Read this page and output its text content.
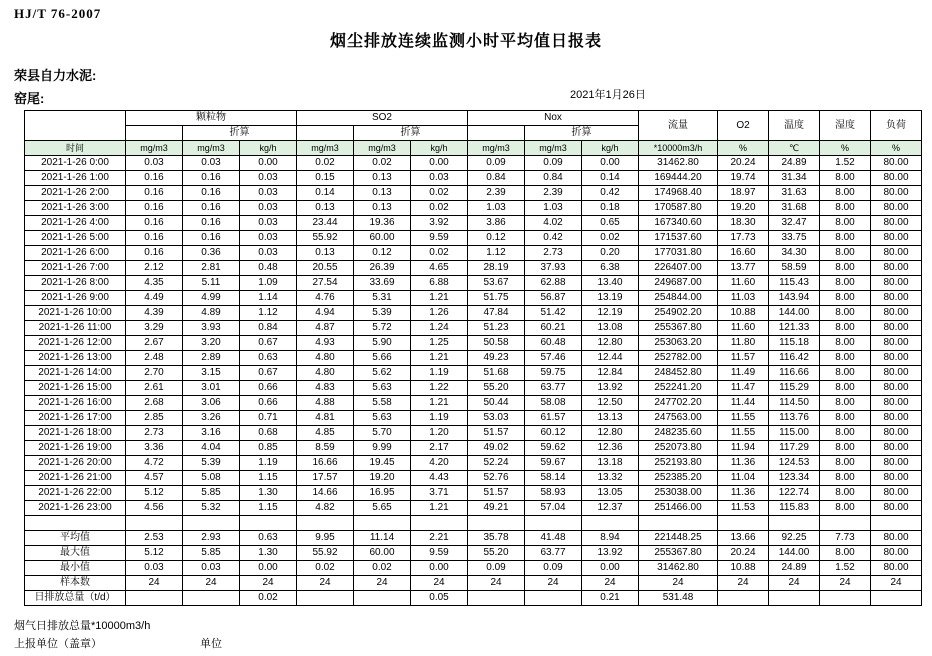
HJ/T 76-2007
烟尘排放连续监测小时平均值日报表
荣县自力水泥:
窑尾:	2021年1月26日
	颗粒物			SO2			Nox			流量	O2	温度	湿度	负荷
		折算			折算			折算						
时间	mg/m3	mg/m3	kg/h	mg/m3	mg/m3	kg/h	mg/m3	mg/m3	kg/h	*10000m3/h	%	℃	%	%
2021-1-26 0:00	0.03	0.03	0.00	0.02	0.02	0.00	0.09	0.09	0.00	31462.80	20.24	24.89	1.52	80.00
2021-1-26 1:00	0.16	0.16	0.03	0.15	0.13	0.03	0.84	0.84	0.14	169444.20	19.74	31.34	8.00	80.00
2021-1-26 2:00	0.16	0.16	0.03	0.14	0.13	0.02	2.39	2.39	0.42	174968.40	18.97	31.63	8.00	80.00
2021-1-26 3:00	0.16	0.16	0.03	0.13	0.13	0.02	1.03	1.03	0.18	170587.80	19.20	31.68	8.00	80.00
2021-1-26 4:00	0.16	0.16	0.03	23.44	19.36	3.92	3.86	4.02	0.65	167340.60	18.30	32.47	8.00	80.00
2021-1-26 5:00	0.16	0.16	0.03	55.92	60.00	9.59	0.12	0.42	0.02	171537.60	17.73	33.75	8.00	80.00
2021-1-26 6:00	0.16	0.36	0.03	0.13	0.12	0.02	1.12	2.73	0.20	177031.80	16.60	34.30	8.00	80.00
2021-1-26 7:00	2.12	2.81	0.48	20.55	26.39	4.65	28.19	37.93	6.38	226407.00	13.77	58.59	8.00	80.00
2021-1-26 8:00	4.35	5.11	1.09	27.54	33.69	6.88	53.67	62.88	13.40	249687.00	11.60	115.43	8.00	80.00
2021-1-26 9:00	4.49	4.99	1.14	4.76	5.31	1.21	51.75	56.87	13.19	254844.00	11.03	143.94	8.00	80.00
2021-1-26 10:00	4.39	4.89	1.12	4.94	5.39	1.26	47.84	51.42	12.19	254902.20	10.88	144.00	8.00	80.00
2021-1-26 11:00	3.29	3.93	0.84	4.87	5.72	1.24	51.23	60.21	13.08	255367.80	11.60	121.33	8.00	80.00
2021-1-26 12:00	2.67	3.20	0.67	4.93	5.90	1.25	50.58	60.48	12.80	253063.20	11.80	115.18	8.00	80.00
2021-1-26 13:00	2.48	2.89	0.63	4.80	5.66	1.21	49.23	57.46	12.44	252782.00	11.57	116.42	8.00	80.00
2021-1-26 14:00	2.70	3.15	0.67	4.80	5.62	1.19	51.68	59.75	12.84	248452.80	11.49	116.66	8.00	80.00
2021-1-26 15:00	2.61	3.01	0.66	4.83	5.63	1.22	55.20	63.77	13.92	252241.20	11.47	115.29	8.00	80.00
2021-1-26 16:00	2.68	3.06	0.66	4.88	5.58	1.21	50.44	58.08	12.50	247702.20	11.44	114.50	8.00	80.00
2021-1-26 17:00	2.85	3.26	0.71	4.81	5.63	1.19	53.03	61.57	13.13	247563.00	11.55	113.76	8.00	80.00
2021-1-26 18:00	2.73	3.16	0.68	4.85	5.70	1.20	51.57	60.12	12.80	248235.60	11.55	115.00	8.00	80.00
2021-1-26 19:00	3.36	4.04	0.85	8.59	9.99	2.17	49.02	59.62	12.36	252073.80	11.94	117.29	8.00	80.00
2021-1-26 20:00	4.72	5.39	1.19	16.66	19.45	4.20	52.24	59.67	13.18	252193.80	11.36	124.53	8.00	80.00
2021-1-26 21:00	4.57	5.08	1.15	17.57	19.20	4.43	52.76	58.14	13.32	252385.20	11.04	123.34	8.00	80.00
2021-1-26 22:00	5.12	5.85	1.30	14.66	16.95	3.71	51.57	58.93	13.05	253038.00	11.36	122.74	8.00	80.00
2021-1-26 23:00	4.56	5.32	1.15	4.82	5.65	1.21	49.21	57.04	12.37	251466.00	11.53	115.83	8.00	80.00

平均值	2.53	2.93	0.63	9.95	11.14	2.21	35.78	41.48	8.94	221448.25	13.66	92.25	7.73	80.00
最大值	5.12	5.85	1.30	55.92	60.00	9.59	55.20	63.77	13.92	255367.80	20.24	144.00	8.00	80.00
最小值	0.03	0.03	0.00	0.02	0.02	0.00	0.09	0.09	0.00	31462.80	10.88	24.89	1.52	80.00
样本数	24	24	24	24	24	24	24	24	24	24	24	24	24	24
日排放总量（t/d）			0.02			0.05			0.21	531.48				
烟气日排放总量*10000m3/h
上报单位（盖章）	单位
